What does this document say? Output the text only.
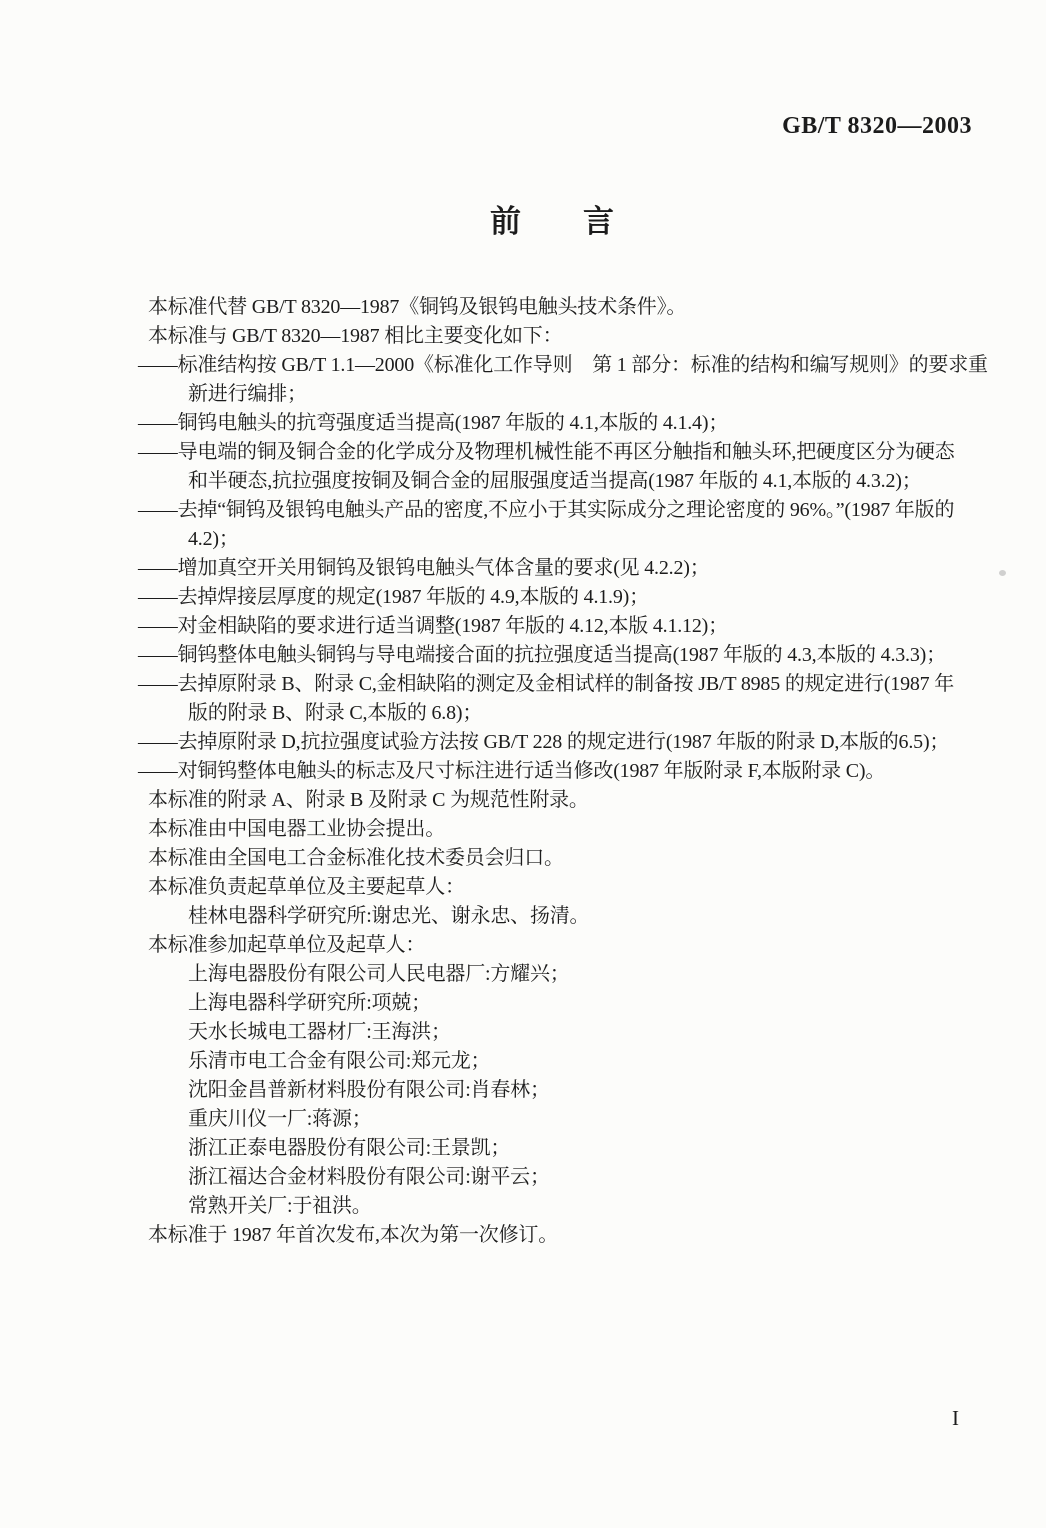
GB/T 8320—2003
前　　言
本标准代替 GB/T 8320—1987《铜钨及银钨电触头技术条件》。
本标准与 GB/T 8320—1987 相比主要变化如下：
——标准结构按 GB/T 1.1—2000《标准化工作导则　第 1 部分：标准的结构和编写规则》的要求重
新进行编排；
——铜钨电触头的抗弯强度适当提高(1987 年版的 4.1,本版的 4.1.4)；
——导电端的铜及铜合金的化学成分及物理机械性能不再区分触指和触头环,把硬度区分为硬态
和半硬态,抗拉强度按铜及铜合金的屈服强度适当提高(1987 年版的 4.1,本版的 4.3.2)；
——去掉“铜钨及银钨电触头产品的密度,不应小于其实际成分之理论密度的 96%。”(1987 年版的
4.2)；
——增加真空开关用铜钨及银钨电触头气体含量的要求(见 4.2.2)；
——去掉焊接层厚度的规定(1987 年版的 4.9,本版的 4.1.9)；
——对金相缺陷的要求进行适当调整(1987 年版的 4.12,本版 4.1.12)；
——铜钨整体电触头铜钨与导电端接合面的抗拉强度适当提高(1987 年版的 4.3,本版的 4.3.3)；
——去掉原附录 B、附录 C,金相缺陷的测定及金相试样的制备按 JB/T 8985 的规定进行(1987 年
版的附录 B、附录 C,本版的 6.8)；
——去掉原附录 D,抗拉强度试验方法按 GB/T 228 的规定进行(1987 年版的附录 D,本版的6.5)；
——对铜钨整体电触头的标志及尺寸标注进行适当修改(1987 年版附录 F,本版附录 C)。
本标准的附录 A、附录 B 及附录 C 为规范性附录。
本标准由中国电器工业协会提出。
本标准由全国电工合金标准化技术委员会归口。
本标准负责起草单位及主要起草人：
桂林电器科学研究所:谢忠光、谢永忠、扬清。
本标准参加起草单位及起草人：
上海电器股份有限公司人民电器厂:方耀兴；
上海电器科学研究所:项兢；
天水长城电工器材厂:王海洪；
乐清市电工合金有限公司:郑元龙；
沈阳金昌普新材料股份有限公司:肖春林；
重庆川仪一厂:蒋源；
浙江正泰电器股份有限公司:王景凯；
浙江福达合金材料股份有限公司:谢平云；
常熟开关厂:于祖洪。
本标准于 1987 年首次发布,本次为第一次修订。
I
